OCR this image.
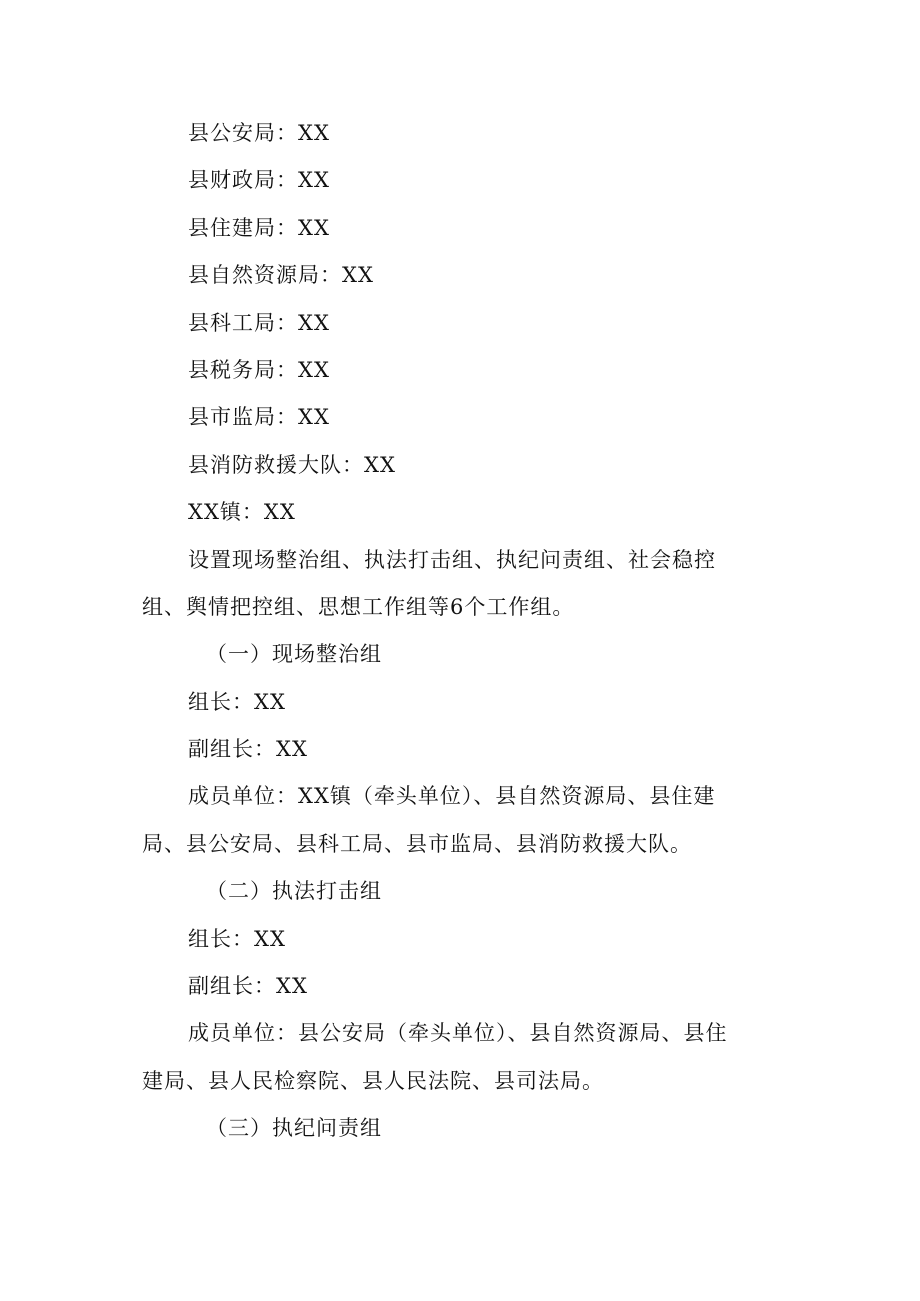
县公安局：XX

县财政局：XX

县住建局：XX

县自然资源局：XX

县科工局：XX

县税务局：XX

县市监局：XX

县消防救援大队：XX

XX镇：XX

设置现场整治组、执法打击组、执纪问责组、社会稳控

组、舆情把控组、思想工作组等6个工作组。

（一）现场整治组

组长：XX

副组长：XX

成员单位：XX镇（牵头单位）、县自然资源局、县住建

局、县公安局、县科工局、县市监局、县消防救援大队。

（二）执法打击组

组长：XX

副组长：XX

成员单位：县公安局（牵头单位）、县自然资源局、县住

建局、县人民检察院、县人民法院、县司法局。

（三）执纪问责组
